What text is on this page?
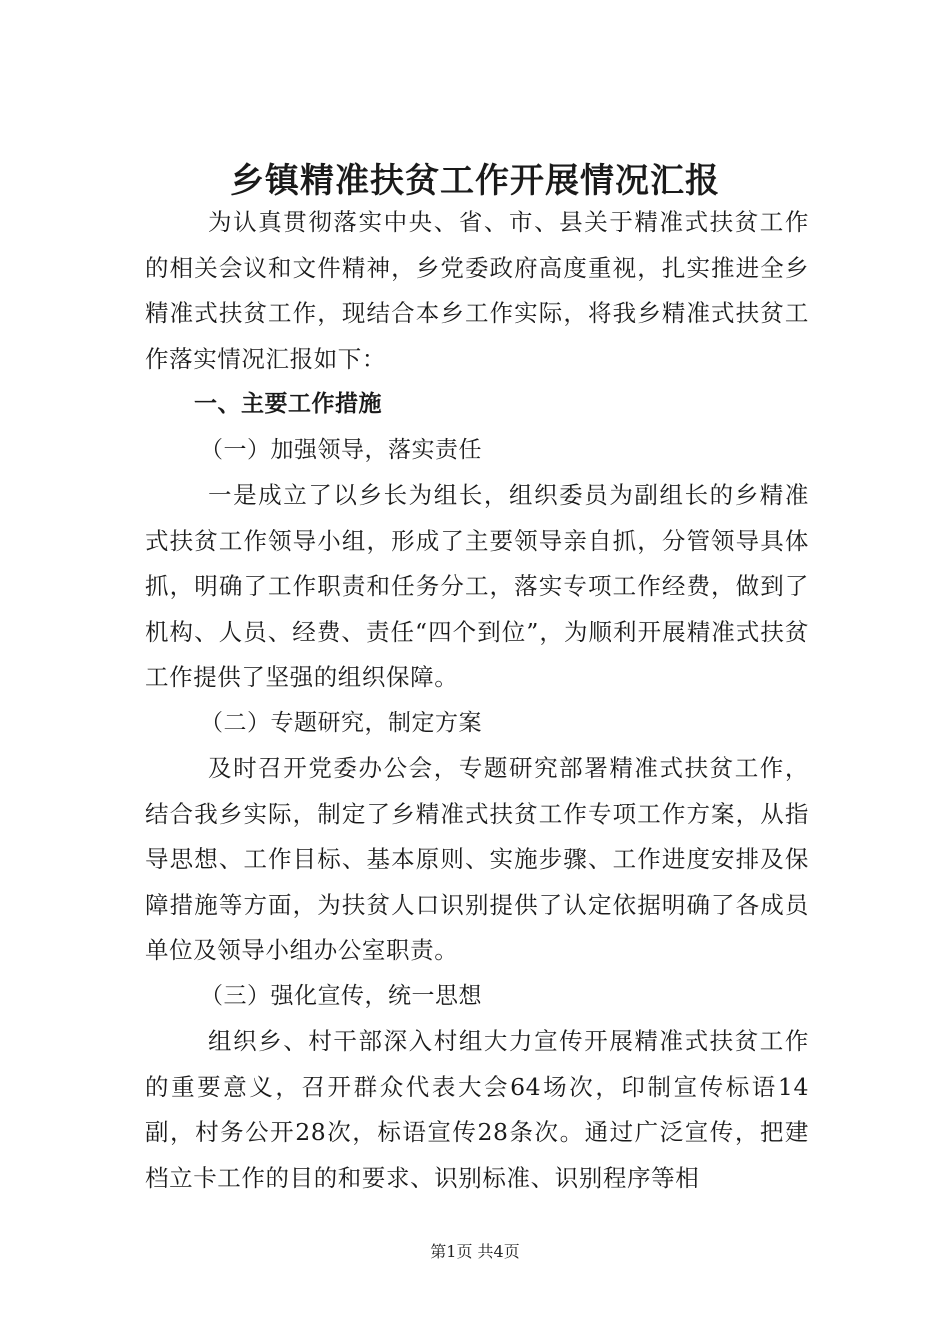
乡镇精准扶贫工作开展情况汇报

为认真贯彻落实中央、省、市、县关于精准式扶贫工作的相关会议和文件精神，乡党委政府高度重视，扎实推进全乡精准式扶贫工作，现结合本乡工作实际，将我乡精准式扶贫工作落实情况汇报如下：

一、主要工作措施

（一）加强领导，落实责任

一是成立了以乡长为组长，组织委员为副组长的乡精准式扶贫工作领导小组，形成了主要领导亲自抓，分管领导具体抓，明确了工作职责和任务分工，落实专项工作经费，做到了机构、人员、经费、责任“四个到位”，为顺利开展精准式扶贫工作提供了坚强的组织保障。

（二）专题研究，制定方案

及时召开党委办公会，专题研究部署精准式扶贫工作，结合我乡实际，制定了乡精准式扶贫工作专项工作方案，从指导思想、工作目标、基本原则、实施步骤、工作进度安排及保障措施等方面，为扶贫人口识别提供了认定依据明确了各成员单位及领导小组办公室职责。

（三）强化宣传，统一思想

组织乡、村干部深入村组大力宣传开展精准式扶贫工作的重要意义，召开群众代表大会64场次，印制宣传标语14副，村务公开28次，标语宣传28条次。通过广泛宣传，把建档立卡工作的目的和要求、识别标准、识别程序等相

第1页 共4页
